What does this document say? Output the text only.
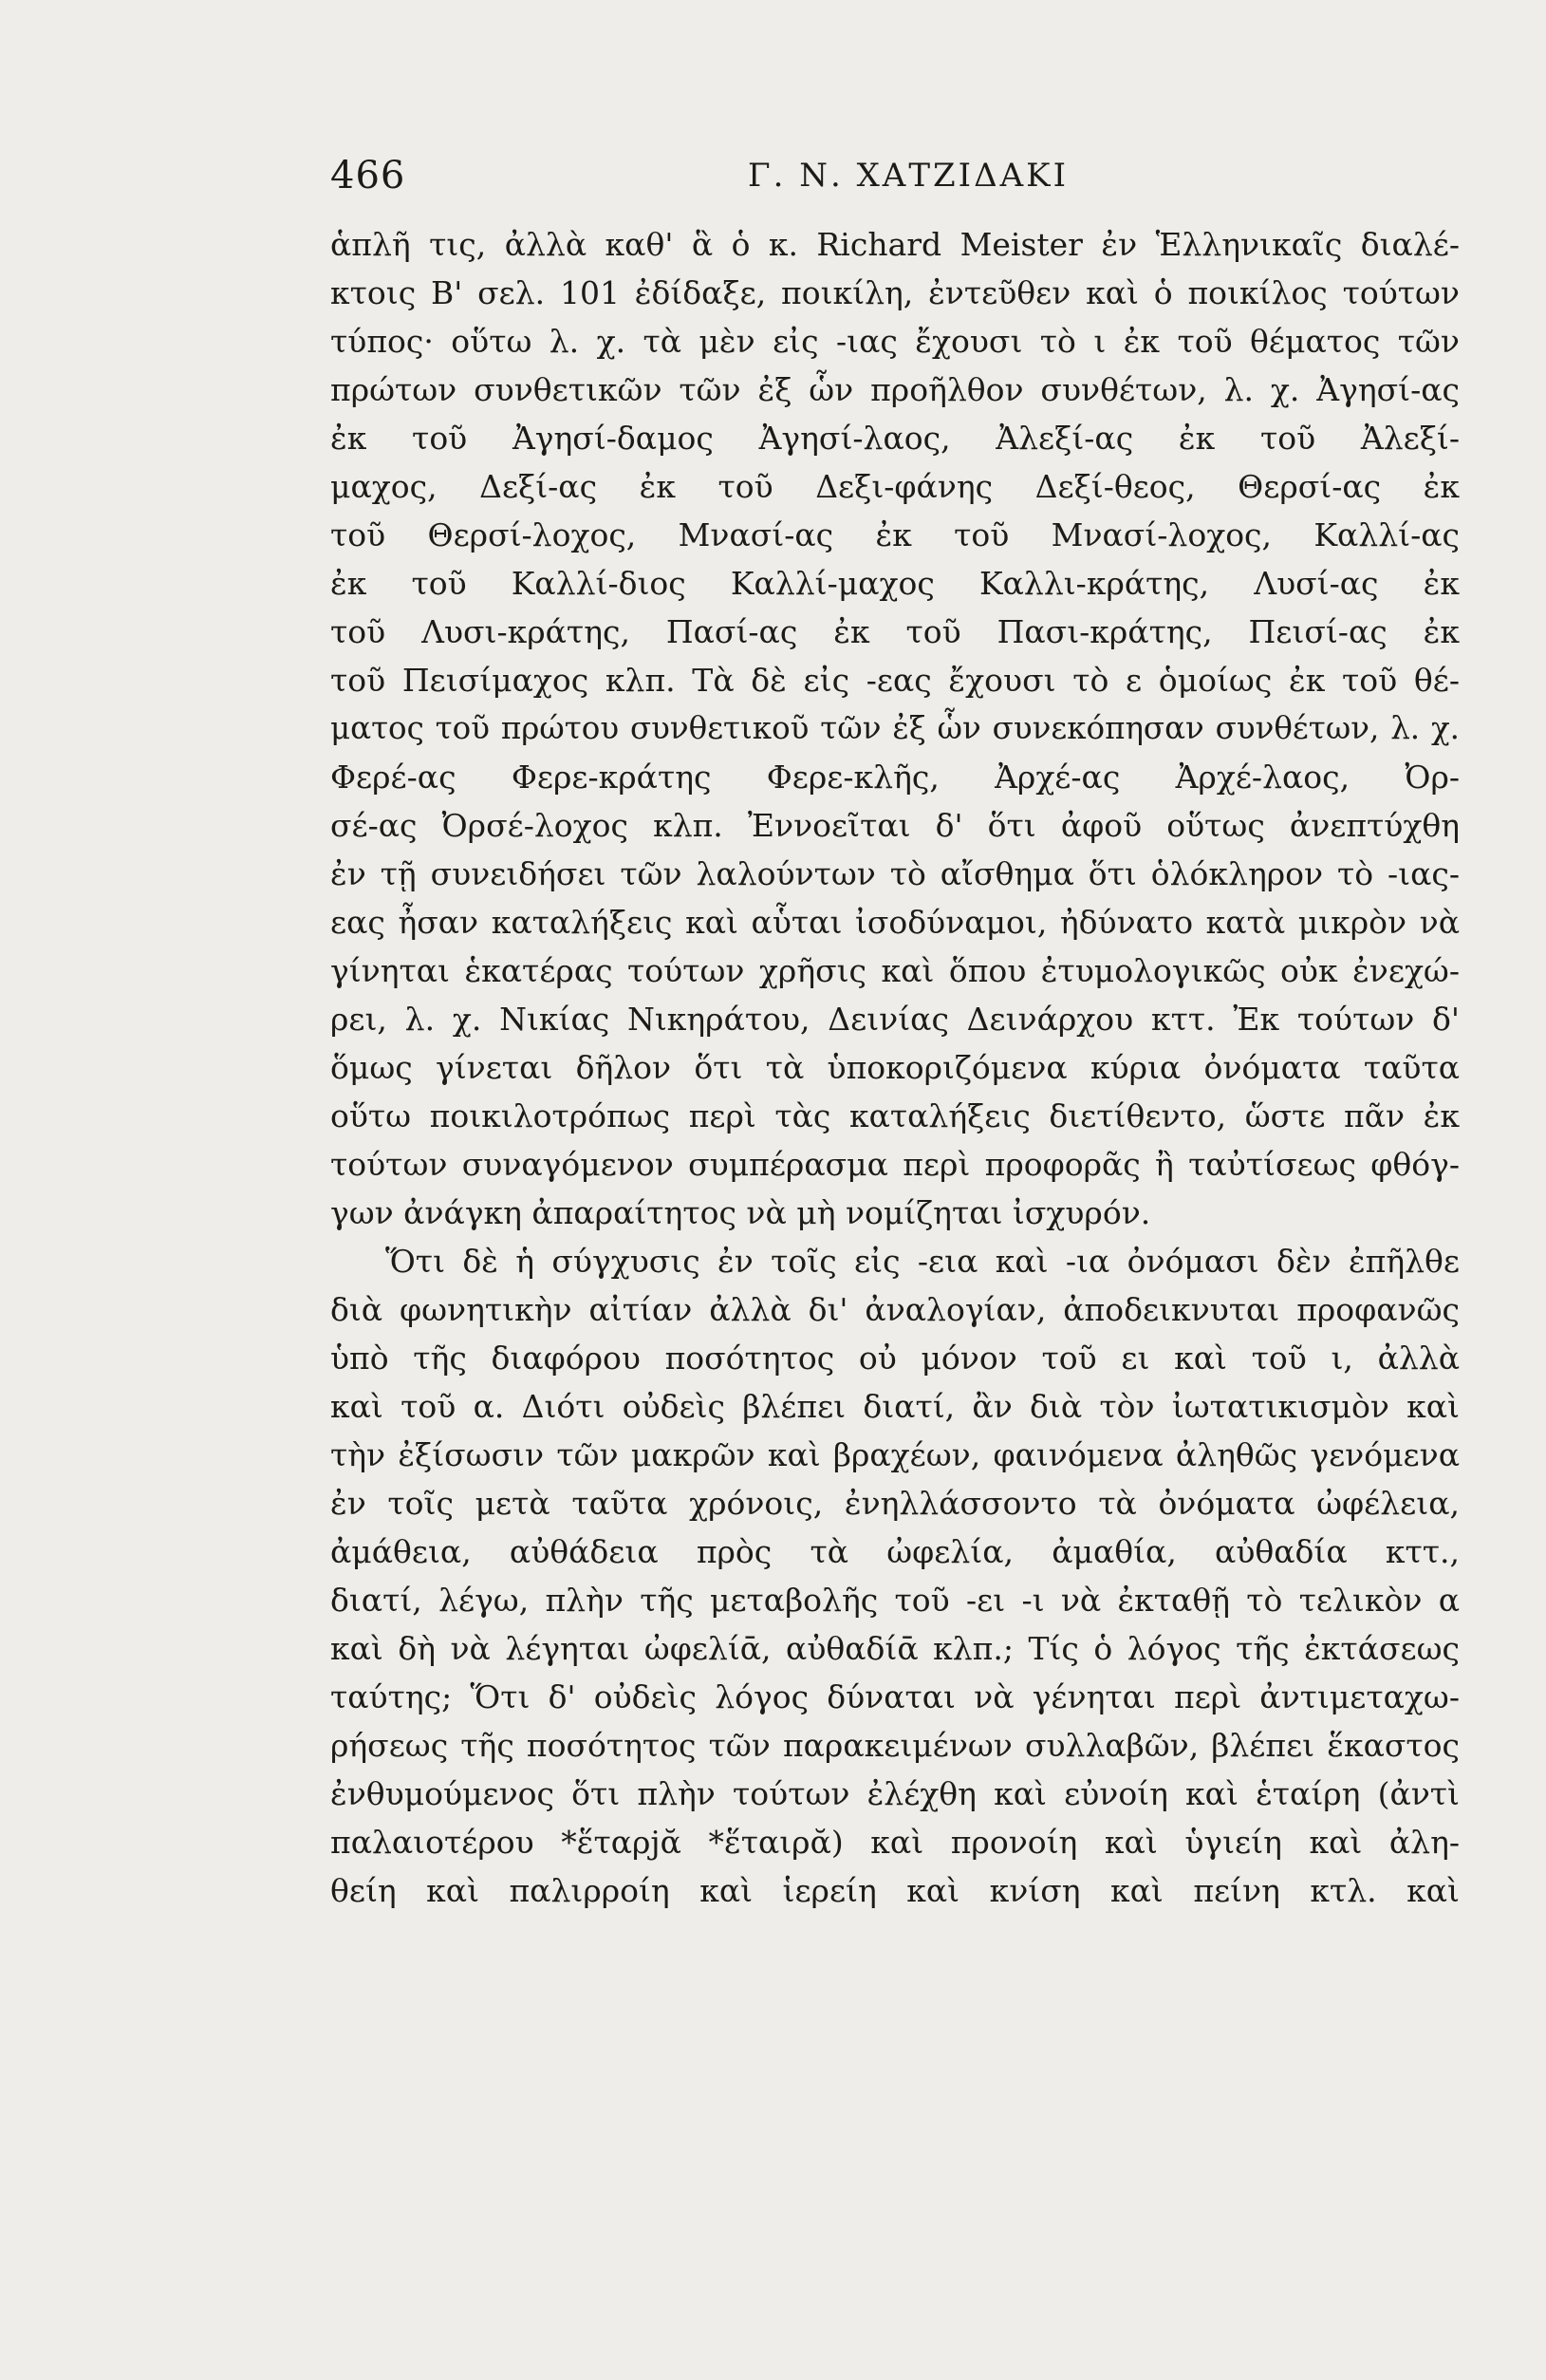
466	Γ. Ν. ΧΑΤΖΙΔΑΚΙ
ἁπλῆ τις, ἀλλὰ καθ' ἃ ὁ κ. Richard Meister ἐν Ἑλληνικαῖς διαλέ-
κτοις Β' σελ. 101 ἐδίδαξε, ποικίλη, ἐντεῦθεν καὶ ὁ ποικίλος τούτων
τύπος· οὕτω λ. χ. τὰ μὲν εἰς -ιας ἔχουσι τὸ ι ἐκ τοῦ θέματος τῶν
πρώτων συνθετικῶν τῶν ἐξ ὧν προῆλθον συνθέτων, λ. χ. Ἀγησί-ας
ἐκ τοῦ Ἀγησί-δαμος Ἀγησί-λαος, Ἀλεξί-ας ἐκ τοῦ Ἀλεξί-
μαχος, Δεξί-ας ἐκ τοῦ Δεξι-φάνης Δεξί-θεος, Θερσί-ας ἐκ
τοῦ Θερσί-λοχος, Μνασί-ας ἐκ τοῦ Μνασί-λοχος, Καλλί-ας
ἐκ τοῦ Καλλί-διος Καλλί-μαχος Καλλι-κράτης, Λυσί-ας ἐκ
τοῦ Λυσι-κράτης, Πασί-ας ἐκ τοῦ Πασι-κράτης, Πεισί-ας ἐκ
τοῦ Πεισίμαχος κλπ. Τὰ δὲ εἰς -εας ἔχουσι τὸ ε ὁμοίως ἐκ τοῦ θέ-
ματος τοῦ πρώτου συνθετικοῦ τῶν ἐξ ὧν συνεκόπησαν συνθέτων, λ. χ.
Φερέ-ας Φερε-κράτης Φερε-κλῆς, Ἀρχέ-ας Ἀρχέ-λαος, Ὀρ-
σέ-ας Ὀρσέ-λοχος κλπ. Ἐννοεῖται δ' ὅτι ἀφοῦ οὕτως ἀνεπτύχθη
ἐν τῇ συνειδήσει τῶν λαλούντων τὸ αἴσθημα ὅτι ὁλόκληρον τὸ -ιας-
εας ἦσαν καταλήξεις καὶ αὗται ἰσοδύναμοι, ἠδύνατο κατὰ μικρὸν νὰ
γίνηται ἑκατέρας τούτων χρῆσις καὶ ὅπου ἐτυμολογικῶς οὐκ ἐνεχώ-
ρει, λ. χ. Νικίας Νικηράτου, Δεινίας Δεινάρχου κττ. Ἐκ τούτων δ'
ὅμως γίνεται δῆλον ὅτι τὰ ὑποκοριζόμενα κύρια ὀνόματα ταῦτα
οὕτω ποικιλοτρόπως περὶ τὰς καταλήξεις διετίθεντο, ὥστε πᾶν ἐκ
τούτων συναγόμενον συμπέρασμα περὶ προφορᾶς ἢ ταὐτίσεως φθόγ-
γων ἀνάγκη ἀπαραίτητος νὰ μὴ νομίζηται ἰσχυρόν.
Ὅτι δὲ ἡ σύγχυσις ἐν τοῖς εἰς -εια καὶ -ια ὀνόμασι δὲν ἐπῆλθε
διὰ φωνητικὴν αἰτίαν ἀλλὰ δι' ἀναλογίαν, ἀποδεικνυται προφανῶς
ὑπὸ τῆς διαφόρου ποσότητος οὐ μόνον τοῦ ει καὶ τοῦ ι, ἀλλὰ
καὶ τοῦ α. Διότι οὐδεὶς βλέπει διατί, ἂν διὰ τὸν ἰωτατικισμὸν καὶ
τὴν ἐξίσωσιν τῶν μακρῶν καὶ βραχέων, φαινόμενα ἀληθῶς γενόμενα
ἐν τοῖς μετὰ ταῦτα χρόνοις, ἐνηλλάσσοντο τὰ ὀνόματα ὠφέλεια,
ἀμάθεια, αὐθάδεια πρὸς τὰ ὠφελία, ἀμαθία, αὐθαδία κττ.,
διατί, λέγω, πλὴν τῆς μεταβολῆς τοῦ -ει -ι νὰ ἐκταθῇ τὸ τελικὸν α
καὶ δὴ νὰ λέγηται ὠφελίᾱ, αὐθαδίᾱ κλπ.; Τίς ὁ λόγος τῆς ἐκτάσεως
ταύτης; Ὅτι δ' οὐδεὶς λόγος δύναται νὰ γένηται περὶ ἀντιμεταχω-
ρήσεως τῆς ποσότητος τῶν παρακειμένων συλλαβῶν, βλέπει ἕκαστος
ἐνθυμούμενος ὅτι πλὴν τούτων ἐλέχθη καὶ εὐνοίη καὶ ἑταίρη (ἀντὶ
παλαιοτέρου *ἕταρjᾰ *ἕταιρᾰ) καὶ προνοίη καὶ ὑγιείη καὶ ἀλη-
θείη καὶ παλιρροίη καὶ ἱερείη καὶ κνίση καὶ πείνη κτλ. καὶ
